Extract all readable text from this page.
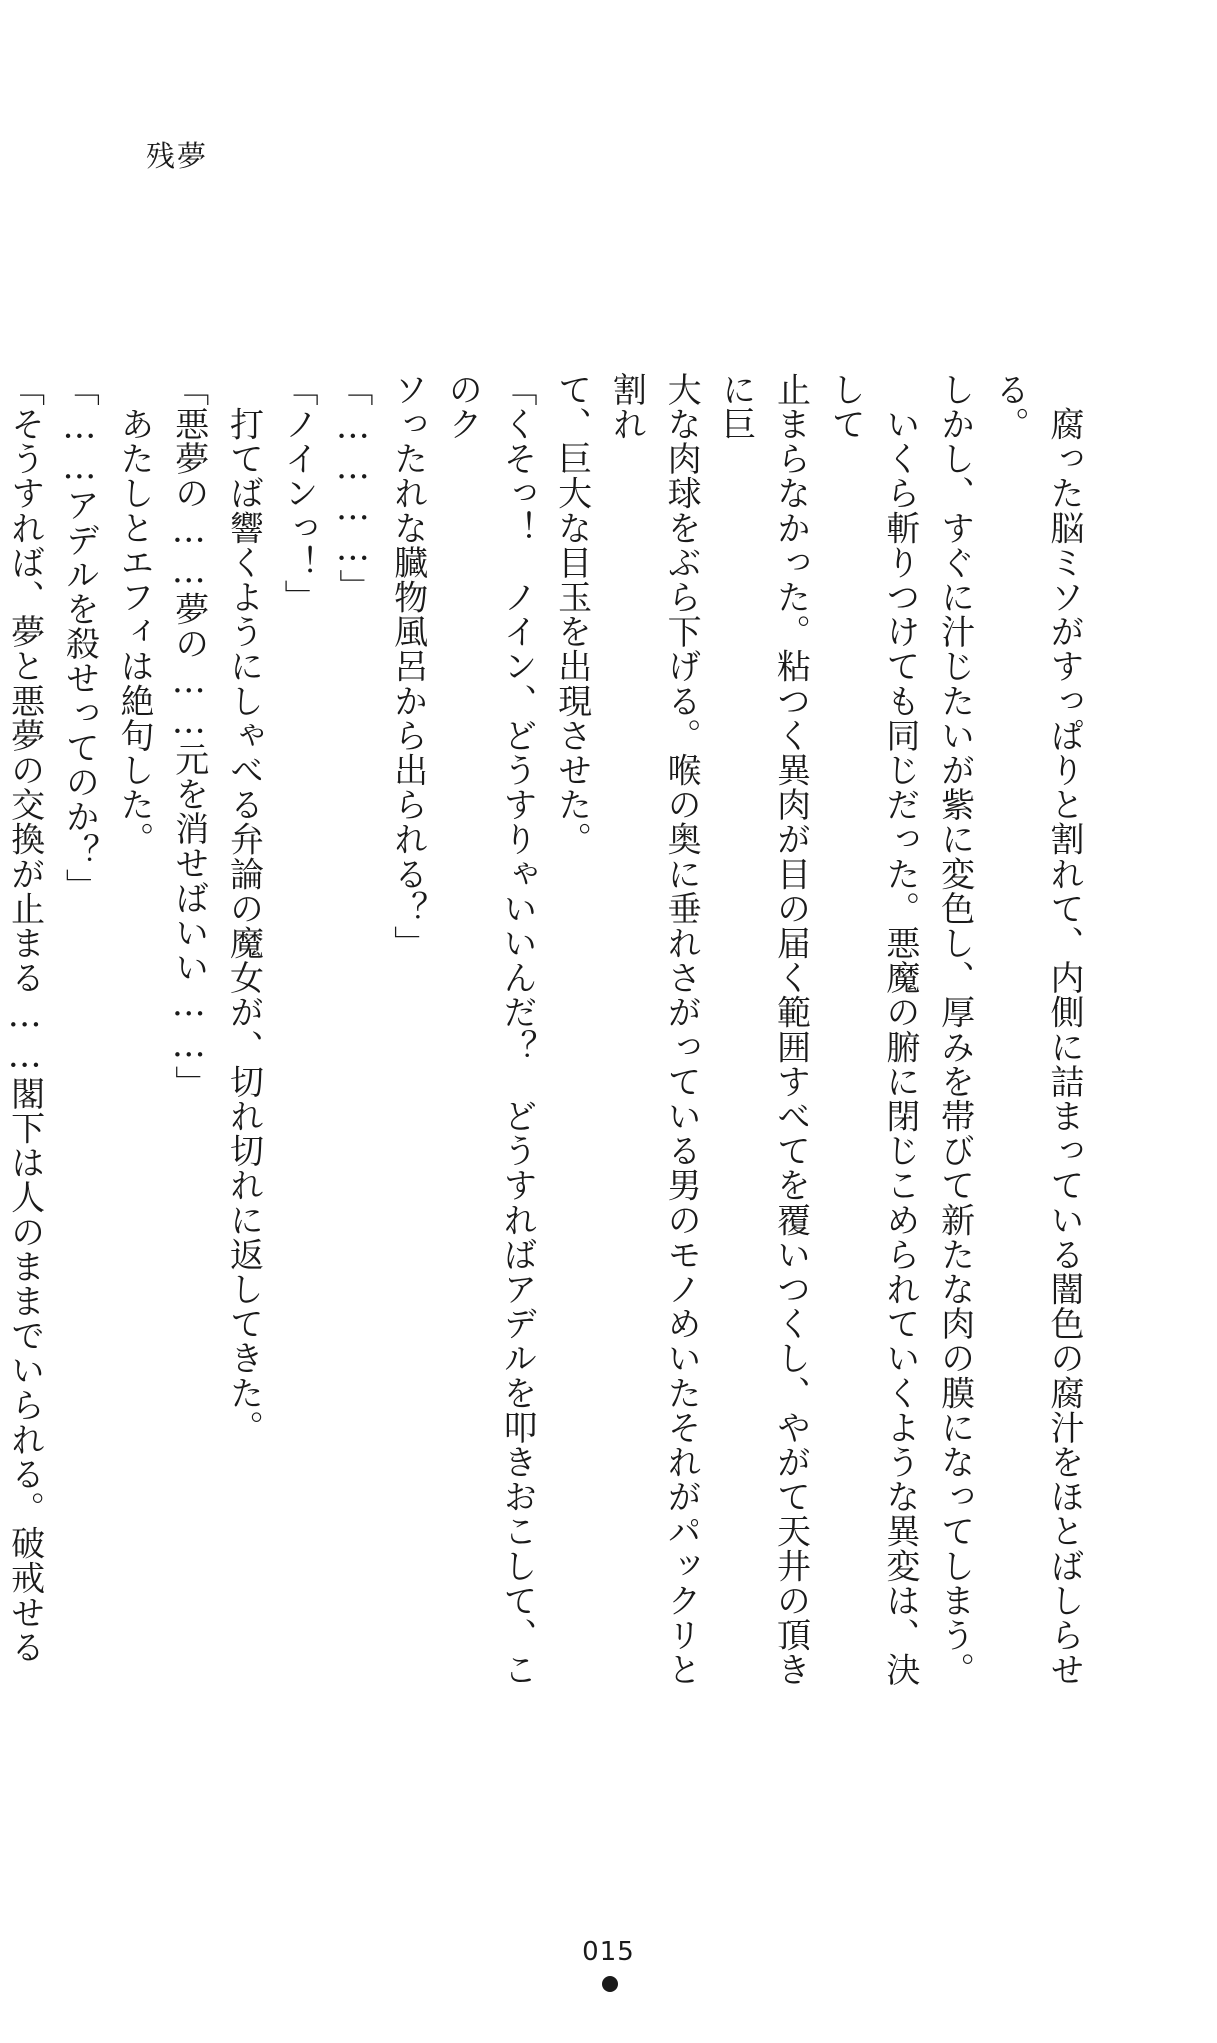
残夢

　腐った脳ミソがすっぱりと割れて、内側に詰まっている闇色の腐汁をほとばしらせる。

しかし、すぐに汁じたいが紫に変色し、厚みを帯びて新たな肉の膜になってしまう。

　いくら斬りつけても同じだった。悪魔の腑に閉じこめられていくような異変は、決して

止まらなかった。粘つく異肉が目の届く範囲すべてを覆いつくし、やがて天井の頂きに巨

大な肉球をぶら下げる。喉の奥に垂れさがっている男のモノめいたそれがパックリと割れ

て、巨大な目玉を出現させた。

「くそっ！　ノイン、どうすりゃいいんだ？　どうすればアデルを叩きおこして、このク

ソったれな臓物風呂から出られる？」

「…………」

「ノインっ！」

　打てば響くようにしゃべる弁論の魔女が、切れ切れに返してきた。

「悪夢の……夢の……元を消せばいい……」

　あたしとエフィは絶句した。

「……アデルを殺せってのか？」

「そうすれば、夢と悪夢の交換が止まる……閣下は人のままでいられる。破戒せる

015
